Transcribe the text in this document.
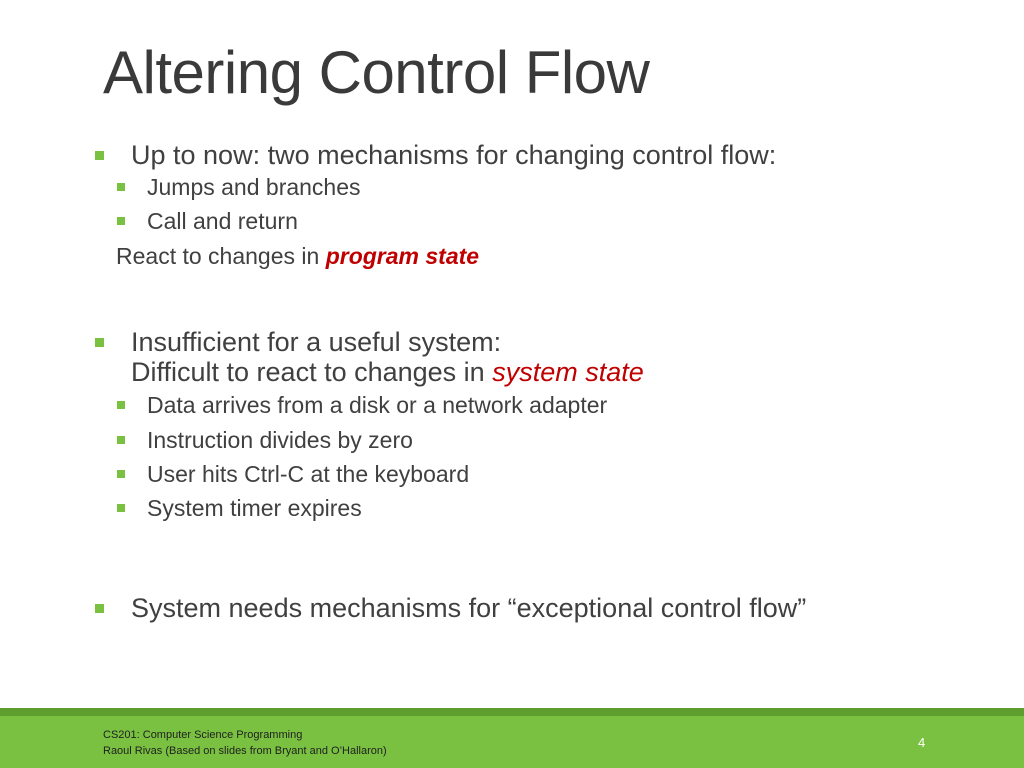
Altering Control Flow
Up to now: two mechanisms for changing control flow:
Jumps and branches
Call and return
React to changes in program state
Insufficient for a useful system:
Difficult to react to changes in system state
Data arrives from a disk or a network adapter
Instruction divides by zero
User hits Ctrl-C at the keyboard
System timer expires
System needs mechanisms for “exceptional control flow”
CS201: Computer Science Programming
Raoul Rivas (Based on slides from Bryant and O’Hallaron)
4
